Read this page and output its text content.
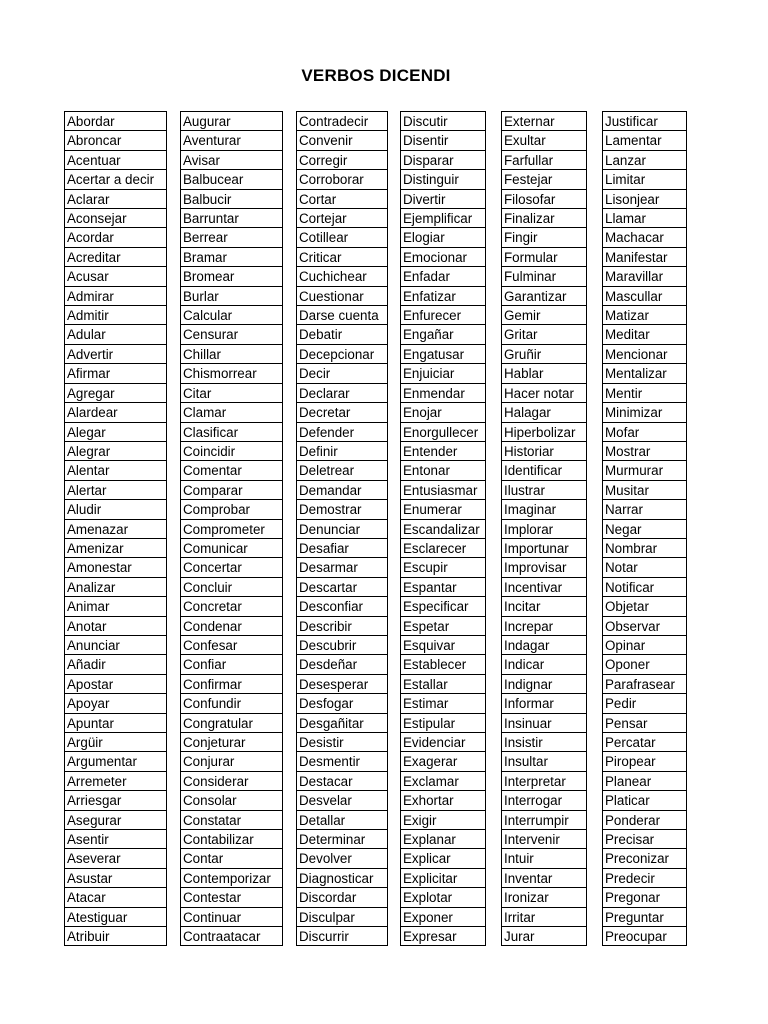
VERBOS DICENDI
Abordar
Abroncar
Acentuar
Acertar a decir
Aclarar
Aconsejar
Acordar
Acreditar
Acusar
Admirar
Admitir
Adular
Advertir
Afirmar
Agregar
Alardear
Alegar
Alegrar
Alentar
Alertar
Aludir
Amenazar
Amenizar
Amonestar
Analizar
Animar
Anotar
Anunciar
Añadir
Apostar
Apoyar
Apuntar
Argüir
Argumentar
Arremeter
Arriesgar
Asegurar
Asentir
Aseverar
Asustar
Atacar
Atestiguar
Atribuir
Augurar
Aventurar
Avisar
Balbucear
Balbucir
Barruntar
Berrear
Bramar
Bromear
Burlar
Calcular
Censurar
Chillar
Chismorrear
Citar
Clamar
Clasificar
Coincidir
Comentar
Comparar
Comprobar
Comprometer
Comunicar
Concertar
Concluir
Concretar
Condenar
Confesar
Confiar
Confirmar
Confundir
Congratular
Conjeturar
Conjurar
Considerar
Consolar
Constatar
Contabilizar
Contar
Contemporizar
Contestar
Continuar
Contraatacar
Contradecir
Convenir
Corregir
Corroborar
Cortar
Cortejar
Cotillear
Criticar
Cuchichear
Cuestionar
Darse cuenta
Debatir
Decepcionar
Decir
Declarar
Decretar
Defender
Definir
Deletrear
Demandar
Demostrar
Denunciar
Desafiar
Desarmar
Descartar
Desconfiar
Describir
Descubrir
Desdeñar
Desesperar
Desfogar
Desgañitar
Desistir
Desmentir
Destacar
Desvelar
Detallar
Determinar
Devolver
Diagnosticar
Discordar
Disculpar
Discurrir
Discutir
Disentir
Disparar
Distinguir
Divertir
Ejemplificar
Elogiar
Emocionar
Enfadar
Enfatizar
Enfurecer
Engañar
Engatusar
Enjuiciar
Enmendar
Enojar
Enorgullecer
Entender
Entonar
Entusiasmar
Enumerar
Escandalizar
Esclarecer
Escupir
Espantar
Especificar
Espetar
Esquivar
Establecer
Estallar
Estimar
Estipular
Evidenciar
Exagerar
Exclamar
Exhortar
Exigir
Explanar
Explicar
Explicitar
Explotar
Exponer
Expresar
Externar
Exultar
Farfullar
Festejar
Filosofar
Finalizar
Fingir
Formular
Fulminar
Garantizar
Gemir
Gritar
Gruñir
Hablar
Hacer notar
Halagar
Hiperbolizar
Historiar
Identificar
Ilustrar
Imaginar
Implorar
Importunar
Improvisar
Incentivar
Incitar
Increpar
Indagar
Indicar
Indignar
Informar
Insinuar
Insistir
Insultar
Interpretar
Interrogar
Interrumpir
Intervenir
Intuir
Inventar
Ironizar
Irritar
Jurar
Justificar
Lamentar
Lanzar
Limitar
Lisonjear
Llamar
Machacar
Manifestar
Maravillar
Mascullar
Matizar
Meditar
Mencionar
Mentalizar
Mentir
Minimizar
Mofar
Mostrar
Murmurar
Musitar
Narrar
Negar
Nombrar
Notar
Notificar
Objetar
Observar
Opinar
Oponer
Parafrasear
Pedir
Pensar
Percatar
Piropear
Planear
Platicar
Ponderar
Precisar
Preconizar
Predecir
Pregonar
Preguntar
Preocupar
